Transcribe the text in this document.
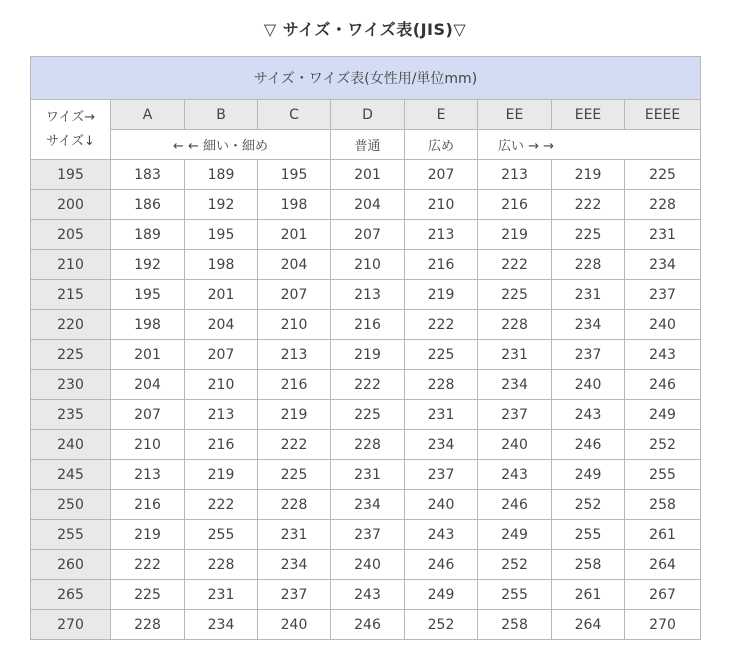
▽ サイズ・ワイズ表(JIS)▽
サイズ・ワイズ表(女性用/単位mm)								

ワイズ→
サイズ↓	A	B	C	D	E	EE	EEE	EEEE
	← ← 細い・細め			普通	広め	広い → →		
195	183	189	195	201	207	213	219	225
200	186	192	198	204	210	216	222	228
205	189	195	201	207	213	219	225	231
210	192	198	204	210	216	222	228	234
215	195	201	207	213	219	225	231	237
220	198	204	210	216	222	228	234	240
225	201	207	213	219	225	231	237	243
230	204	210	216	222	228	234	240	246
235	207	213	219	225	231	237	243	249
240	210	216	222	228	234	240	246	252
245	213	219	225	231	237	243	249	255
250	216	222	228	234	240	246	252	258
255	219	255	231	237	243	249	255	261
260	222	228	234	240	246	252	258	264
265	225	231	237	243	249	255	261	267
270	228	234	240	246	252	258	264	270
